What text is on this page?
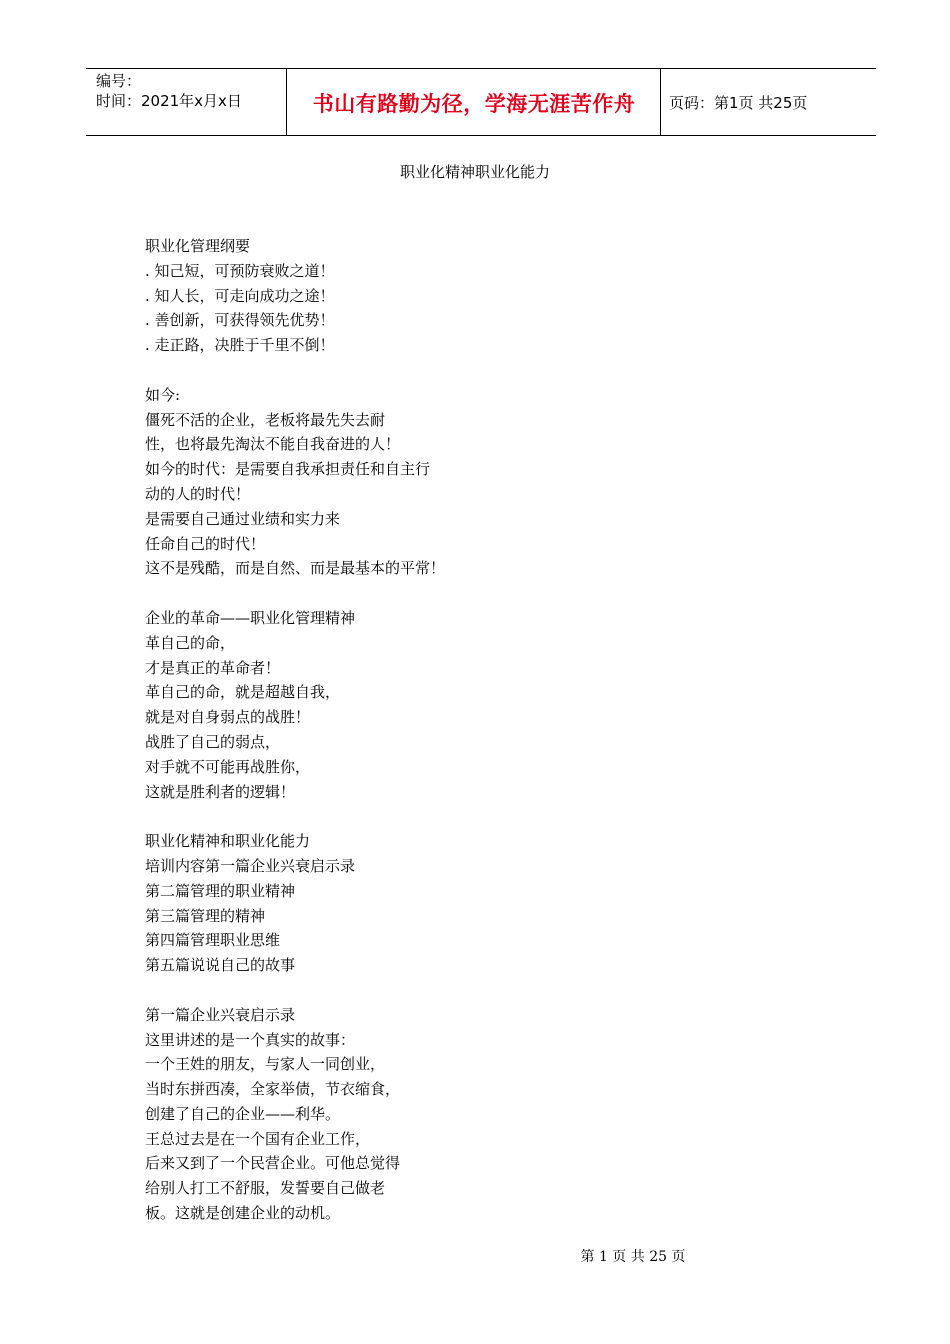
编号：
时间：2021年x月x日	书山有路勤为径，学海无涯苦作舟	页码：第1页 共25页
职业化精神职业化能力
职业化管理纲要
. 知己短，可预防衰败之道！
. 知人长，可走向成功之途！
. 善创新，可获得领先优势！
. 走正路，决胜于千里不倒！
如今:
僵死不活的企业，老板将最先失去耐
性，也将最先淘汰不能自我奋进的人！
如今的时代：是需要自我承担责任和自主行
动的人的时代！
是需要自己通过业绩和实力来
任命自己的时代！
这不是残酷，而是自然、而是最基本的平常！
企业的革命——职业化管理精神
革自己的命，
才是真正的革命者！
革自己的命，就是超越自我，
就是对自身弱点的战胜！
战胜了自己的弱点，
对手就不可能再战胜你，
这就是胜利者的逻辑！
职业化精神和职业化能力
培训内容第一篇企业兴衰启示录
第二篇管理的职业精神
第三篇管理的精神
第四篇管理职业思维
第五篇说说自己的故事
第一篇企业兴衰启示录
这里讲述的是一个真实的故事：
一个王姓的朋友，与家人一同创业，
当时东拼西凑，全家举债，节衣缩食，
创建了自己的企业——利华。
王总过去是在一个国有企业工作，
后来又到了一个民营企业。可他总觉得
给别人打工不舒服，发誓要自己做老
板。这就是创建企业的动机。
第 1 页 共 25 页
